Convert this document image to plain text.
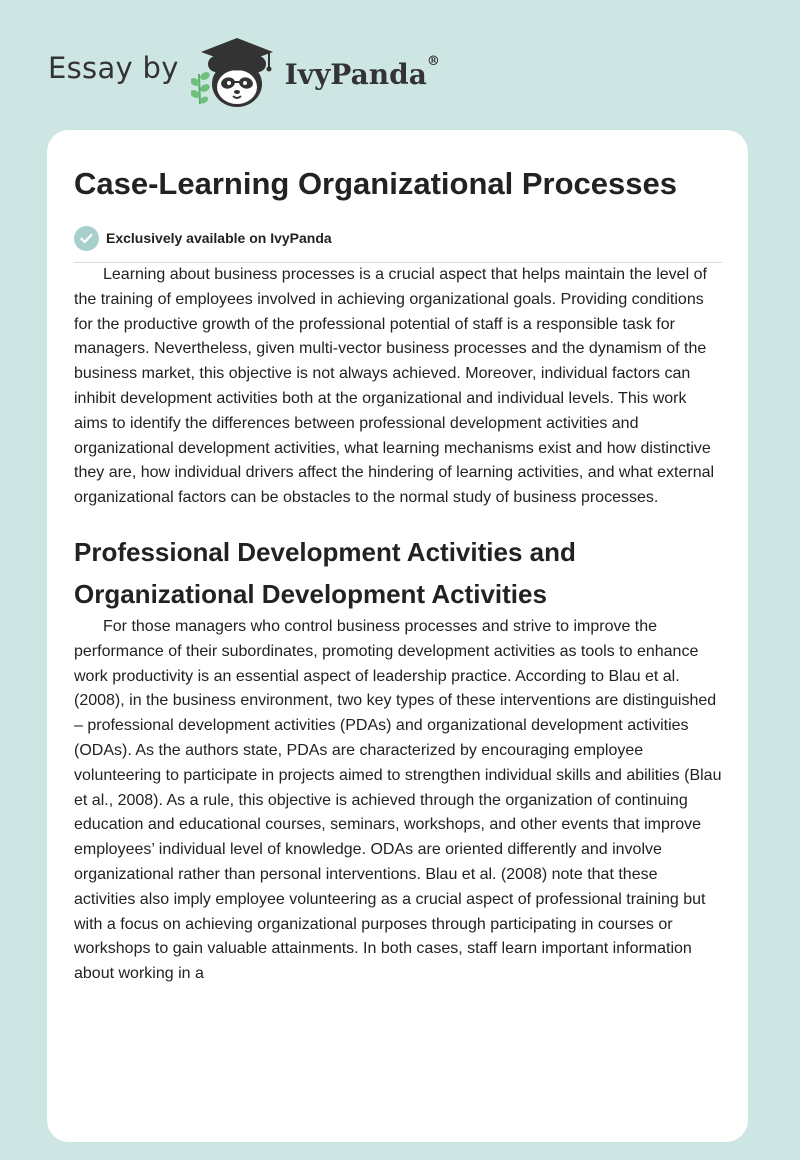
Essay by	IvyPanda®
Case-Learning Organizational Processes
Exclusively available on IvyPanda

Learning about business processes is a crucial aspect that helps maintain the level of the training of employees involved in achieving organizational goals. Providing conditions for the productive growth of the professional potential of staff is a responsible task for managers. Nevertheless, given multi-vector business processes and the dynamism of the business market, this objective is not always achieved. Moreover, individual factors can inhibit development activities both at the organizational and individual levels. This work aims to identify the differences between professional development activities and organizational development activities, what learning mechanisms exist and how distinctive they are, how individual drivers affect the hindering of learning activities, and what external organizational factors can be obstacles to the normal study of business processes.

Professional Development Activities and Organizational Development Activities

For those managers who control business processes and strive to improve the performance of their subordinates, promoting development activities as tools to enhance work productivity is an essential aspect of leadership practice. According to Blau et al. (2008), in the business environment, two key types of these interventions are distinguished – professional development activities (PDAs) and organizational development activities (ODAs). As the authors state, PDAs are characterized by encouraging employee volunteering to participate in projects aimed to strengthen individual skills and abilities (Blau et al., 2008). As a rule, this objective is achieved through the organization of continuing education and educational courses, seminars, workshops, and other events that improve employees’ individual level of knowledge. ODAs are oriented differently and involve organizational rather than personal interventions. Blau et al. (2008) note that these activities also imply employee volunteering as a crucial aspect of professional training but with a focus on achieving organizational purposes through participating in courses or workshops to gain valuable attainments. In both cases, staff learn important information about working in a
